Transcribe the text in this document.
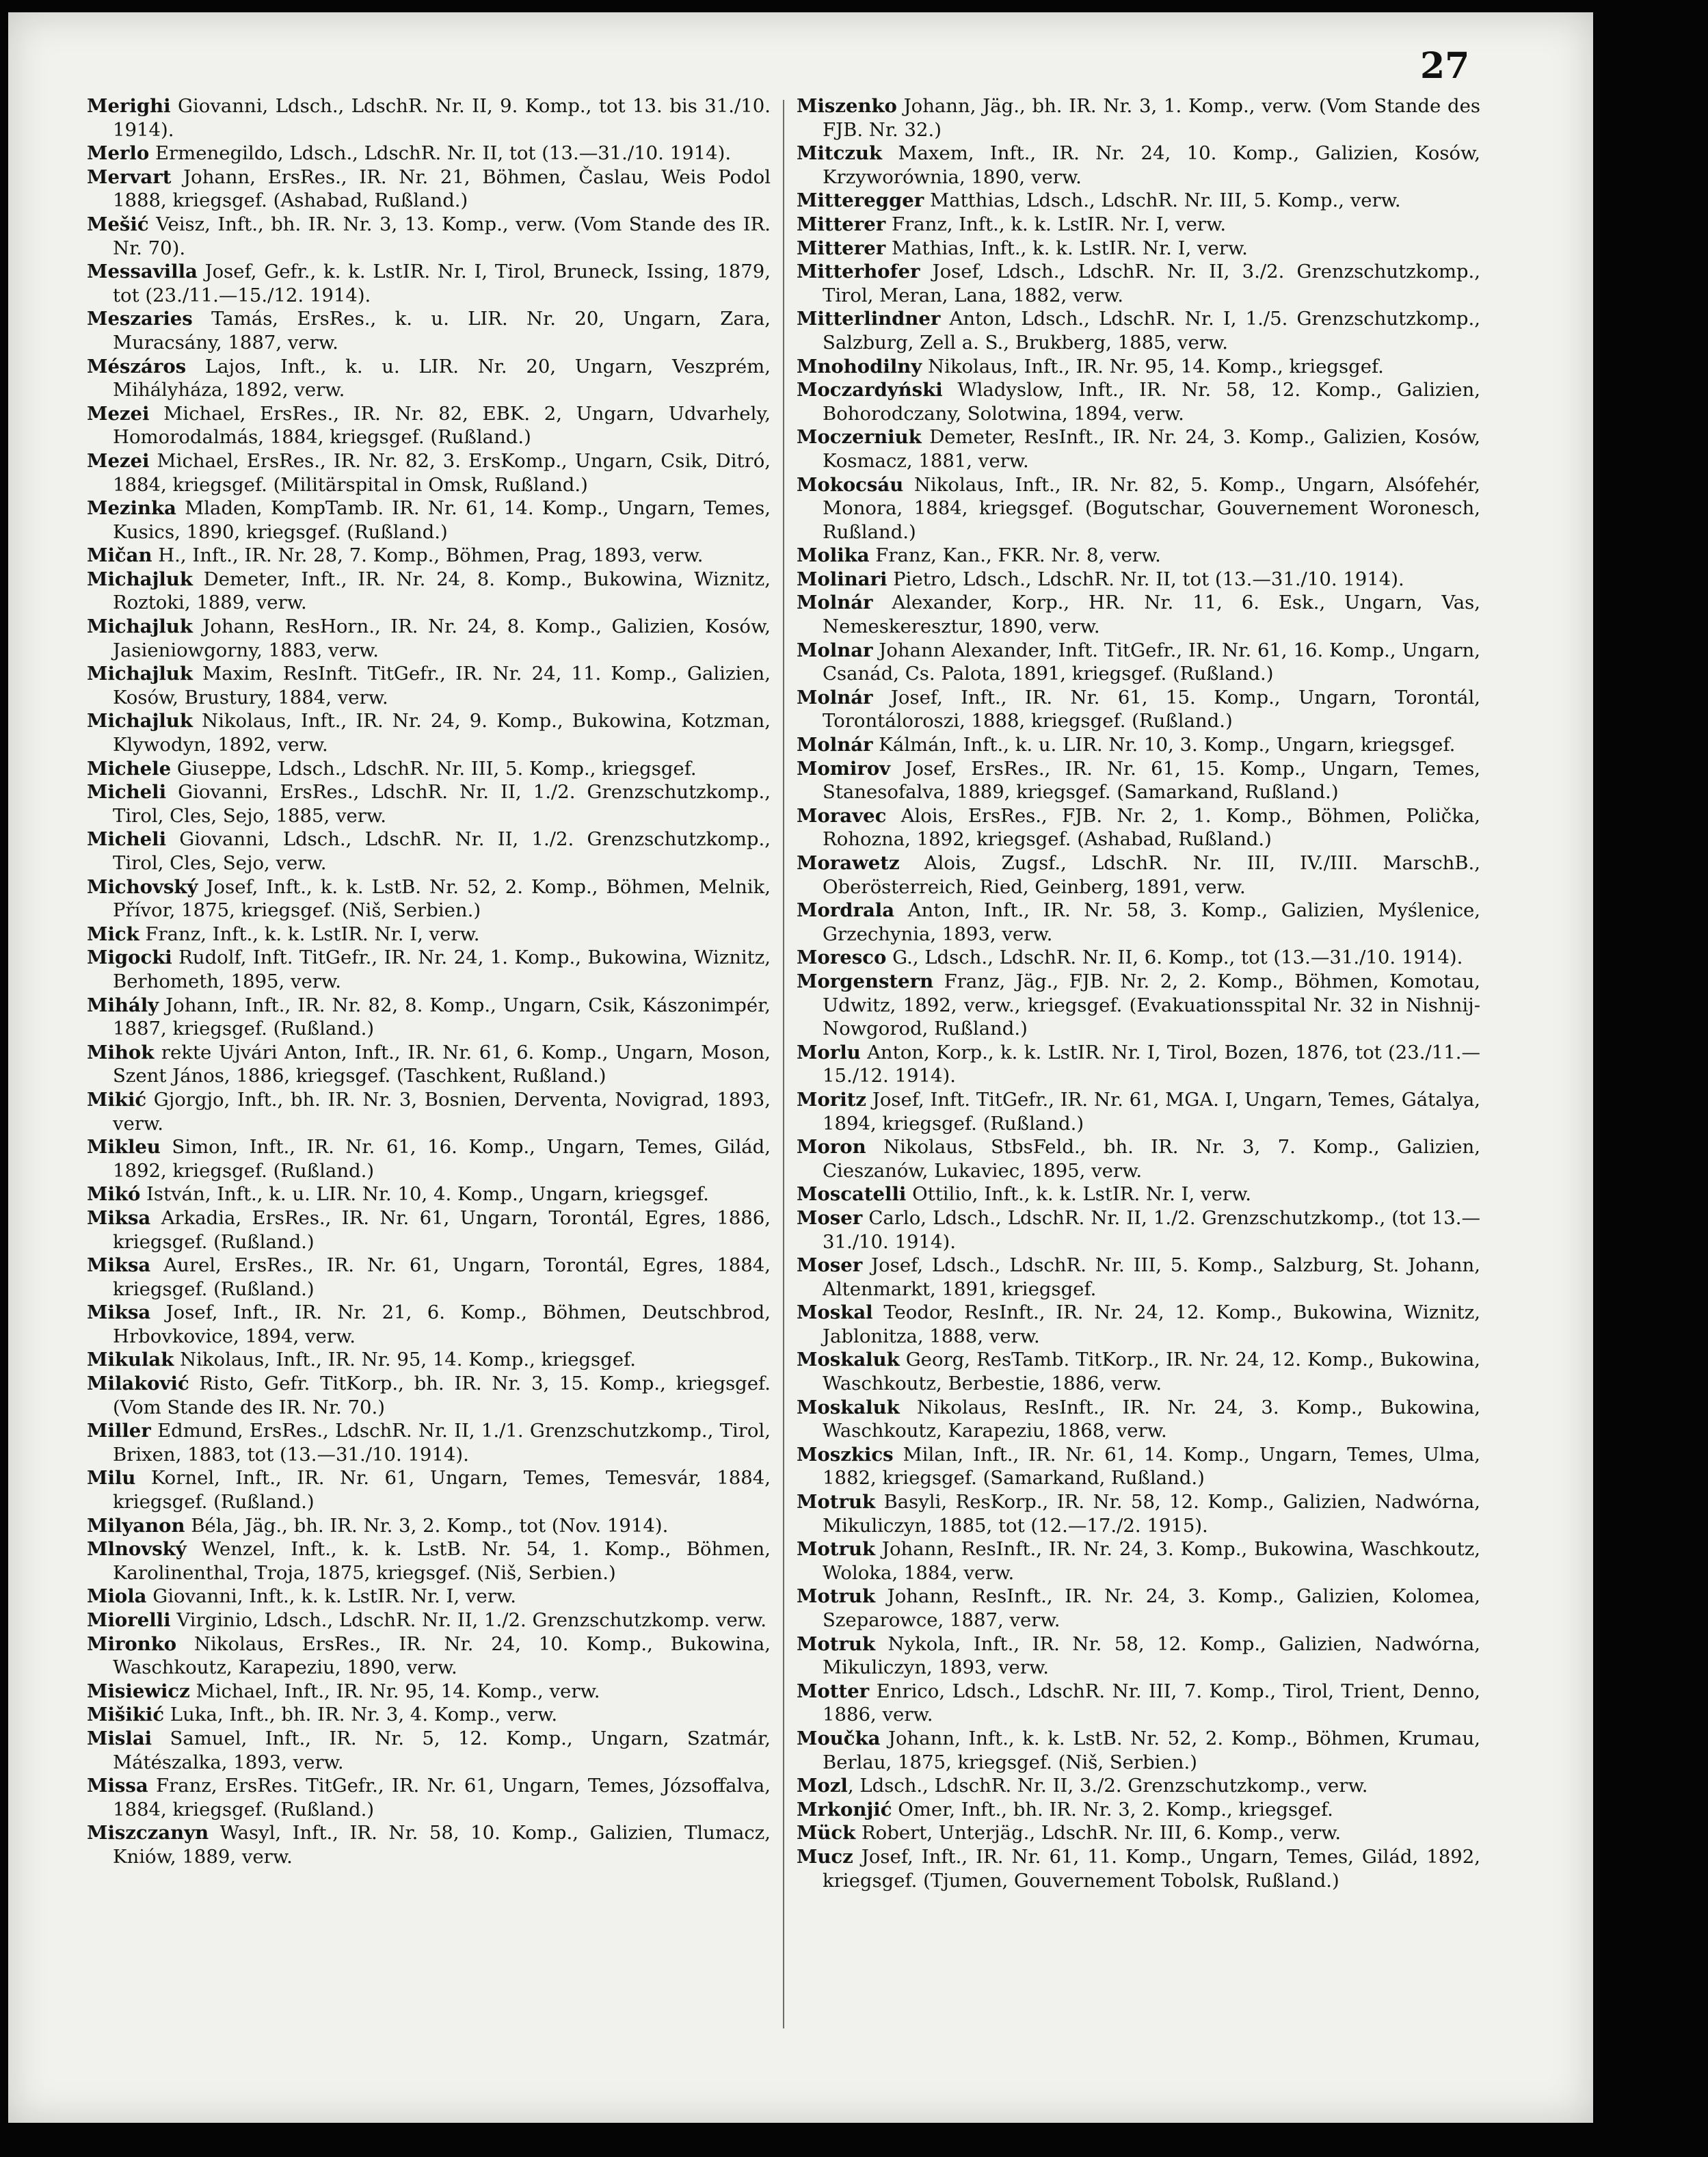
27
Merighi Giovanni, Ldsch., LdschR. Nr. II, 9. Komp., tot 13. bis 31./10. 1914).
Merlo Ermenegildo, Ldsch., LdschR. Nr. II, tot (13.—31./10. 1914).
Mervart Johann, ErsRes., IR. Nr. 21, Böhmen, Časlau, Weis Podol 1888, kriegsgef. (Ashabad, Rußland.)
Mešić Veisz, Inft., bh. IR. Nr. 3, 13. Komp., verw. (Vom Stande des IR. Nr. 70).
Messavilla Josef, Gefr., k. k. LstIR. Nr. I, Tirol, Bruneck, Issing, 1879, tot (23./11.—15./12. 1914).
Meszaries Tamás, ErsRes., k. u. LIR. Nr. 20, Ungarn, Zara, Muracsány, 1887, verw.
Mészáros Lajos, Inft., k. u. LIR. Nr. 20, Ungarn, Veszprém, Mihályháza, 1892, verw.
Mezei Michael, ErsRes., IR. Nr. 82, EBK. 2, Ungarn, Udvarhely, Homorodalmás, 1884, kriegsgef. (Rußland.)
Mezei Michael, ErsRes., IR. Nr. 82, 3. ErsKomp., Ungarn, Csik, Ditró, 1884, kriegsgef. (Militärspital in Omsk, Rußland.)
Mezinka Mladen, KompTamb. IR. Nr. 61, 14. Komp., Ungarn, Temes, Kusics, 1890, kriegsgef. (Rußland.)
Mičan H., Inft., IR. Nr. 28, 7. Komp., Böhmen, Prag, 1893, verw.
Michajluk Demeter, Inft., IR. Nr. 24, 8. Komp., Bukowina, Wiznitz, Roztoki, 1889, verw.
Michajluk Johann, ResHorn., IR. Nr. 24, 8. Komp., Galizien, Kosów, Jasieniowgorny, 1883, verw.
Michajluk Maxim, ResInft. TitGefr., IR. Nr. 24, 11. Komp., Galizien, Kosów, Brustury, 1884, verw.
Michajluk Nikolaus, Inft., IR. Nr. 24, 9. Komp., Bukowina, Kotzman, Klywodyn, 1892, verw.
Michele Giuseppe, Ldsch., LdschR. Nr. III, 5. Komp., kriegsgef.
Micheli Giovanni, ErsRes., LdschR. Nr. II, 1./2. Grenzschutzkomp., Tirol, Cles, Sejo, 1885, verw.
Micheli Giovanni, Ldsch., LdschR. Nr. II, 1./2. Grenzschutzkomp., Tirol, Cles, Sejo, verw.
Michovský Josef, Inft., k. k. LstB. Nr. 52, 2. Komp., Böhmen, Melnik, Přívor, 1875, kriegsgef. (Niš, Serbien.)
Mick Franz, Inft., k. k. LstIR. Nr. I, verw.
Migocki Rudolf, Inft. TitGefr., IR. Nr. 24, 1. Komp., Bukowina, Wiznitz, Berhometh, 1895, verw.
Mihály Johann, Inft., IR. Nr. 82, 8. Komp., Ungarn, Csik, Kászonimpér, 1887, kriegsgef. (Rußland.)
Mihok rekte Ujvári Anton, Inft., IR. Nr. 61, 6. Komp., Ungarn, Moson, Szent János, 1886, kriegsgef. (Taschkent, Rußland.)
Mikić Gjorgjo, Inft., bh. IR. Nr. 3, Bosnien, Derventa, Novigrad, 1893, verw.
Mikleu Simon, Inft., IR. Nr. 61, 16. Komp., Ungarn, Temes, Gilád, 1892, kriegsgef. (Rußland.)
Mikó István, Inft., k. u. LIR. Nr. 10, 4. Komp., Ungarn, kriegsgef.
Miksa Arkadia, ErsRes., IR. Nr. 61, Ungarn, Torontál, Egres, 1886, kriegsgef. (Rußland.)
Miksa Aurel, ErsRes., IR. Nr. 61, Ungarn, Torontál, Egres, 1884, kriegsgef. (Rußland.)
Miksa Josef, Inft., IR. Nr. 21, 6. Komp., Böhmen, Deutschbrod, Hrbovkovice, 1894, verw.
Mikulak Nikolaus, Inft., IR. Nr. 95, 14. Komp., kriegsgef.
Milaković Risto, Gefr. TitKorp., bh. IR. Nr. 3, 15. Komp., kriegsgef. (Vom Stande des IR. Nr. 70.)
Miller Edmund, ErsRes., LdschR. Nr. II, 1./1. Grenzschutzkomp., Tirol, Brixen, 1883, tot (13.—31./10. 1914).
Milu Kornel, Inft., IR. Nr. 61, Ungarn, Temes, Temesvár, 1884, kriegsgef. (Rußland.)
Milyanon Béla, Jäg., bh. IR. Nr. 3, 2. Komp., tot (Nov. 1914).
Mlnovský Wenzel, Inft., k. k. LstB. Nr. 54, 1. Komp., Böhmen, Karolinenthal, Troja, 1875, kriegsgef. (Niš, Serbien.)
Miola Giovanni, Inft., k. k. LstIR. Nr. I, verw.
Miorelli Virginio, Ldsch., LdschR. Nr. II, 1./2. Grenzschutzkomp. verw.
Mironko Nikolaus, ErsRes., IR. Nr. 24, 10. Komp., Bukowina, Waschkoutz, Karapeziu, 1890, verw.
Misiewicz Michael, Inft., IR. Nr. 95, 14. Komp., verw.
Mišikić Luka, Inft., bh. IR. Nr. 3, 4. Komp., verw.
Mislai Samuel, Inft., IR. Nr. 5, 12. Komp., Ungarn, Szatmár, Mátészalka, 1893, verw.
Missa Franz, ErsRes. TitGefr., IR. Nr. 61, Ungarn, Temes, Józsoffalva, 1884, kriegsgef. (Rußland.)
Miszczanyn Wasyl, Inft., IR. Nr. 58, 10. Komp., Galizien, Tlumacz, Kniów, 1889, verw.
Miszenko Johann, Jäg., bh. IR. Nr. 3, 1. Komp., verw. (Vom Stande des FJB. Nr. 32.)
Mitczuk Maxem, Inft., IR. Nr. 24, 10. Komp., Galizien, Kosów, Krzyworównia, 1890, verw.
Mitteregger Matthias, Ldsch., LdschR. Nr. III, 5. Komp., verw.
Mitterer Franz, Inft., k. k. LstIR. Nr. I, verw.
Mitterer Mathias, Inft., k. k. LstIR. Nr. I, verw.
Mitterhofer Josef, Ldsch., LdschR. Nr. II, 3./2. Grenzschutzkomp., Tirol, Meran, Lana, 1882, verw.
Mitterlindner Anton, Ldsch., LdschR. Nr. I, 1./5. Grenzschutzkomp., Salzburg, Zell a. S., Brukberg, 1885, verw.
Mnohodilny Nikolaus, Inft., IR. Nr. 95, 14. Komp., kriegsgef.
Moczardyński Wladyslow, Inft., IR. Nr. 58, 12. Komp., Galizien, Bohorodczany, Solotwina, 1894, verw.
Moczerniuk Demeter, ResInft., IR. Nr. 24, 3. Komp., Galizien, Kosów, Kosmacz, 1881, verw.
Mokocsáu Nikolaus, Inft., IR. Nr. 82, 5. Komp., Ungarn, Alsófehér, Monora, 1884, kriegsgef. (Bogutschar, Gouvernement Woronesch, Rußland.)
Molika Franz, Kan., FKR. Nr. 8, verw.
Molinari Pietro, Ldsch., LdschR. Nr. II, tot (13.—31./10. 1914).
Molnár Alexander, Korp., HR. Nr. 11, 6. Esk., Ungarn, Vas, Nemeskeresztur, 1890, verw.
Molnar Johann Alexander, Inft. TitGefr., IR. Nr. 61, 16. Komp., Ungarn, Csanád, Cs. Palota, 1891, kriegsgef. (Rußland.)
Molnár Josef, Inft., IR. Nr. 61, 15. Komp., Ungarn, Torontál, Torontáloroszi, 1888, kriegsgef. (Rußland.)
Molnár Kálmán, Inft., k. u. LIR. Nr. 10, 3. Komp., Ungarn, kriegsgef.
Momirov Josef, ErsRes., IR. Nr. 61, 15. Komp., Ungarn, Temes, Stanesofalva, 1889, kriegsgef. (Samarkand, Rußland.)
Moravec Alois, ErsRes., FJB. Nr. 2, 1. Komp., Böhmen, Polička, Rohozna, 1892, kriegsgef. (Ashabad, Rußland.)
Morawetz Alois, Zugsf., LdschR. Nr. III, IV./III. MarschB., Oberösterreich, Ried, Geinberg, 1891, verw.
Mordrala Anton, Inft., IR. Nr. 58, 3. Komp., Galizien, Myślenice, Grzechynia, 1893, verw.
Moresco G., Ldsch., LdschR. Nr. II, 6. Komp., tot (13.—31./10. 1914).
Morgenstern Franz, Jäg., FJB. Nr. 2, 2. Komp., Böhmen, Komotau, Udwitz, 1892, verw., kriegsgef. (Evakuationsspital Nr. 32 in Nishnij-Nowgorod, Rußland.)
Morlu Anton, Korp., k. k. LstIR. Nr. I, Tirol, Bozen, 1876, tot (23./11.—15./12. 1914).
Moritz Josef, Inft. TitGefr., IR. Nr. 61, MGA. I, Ungarn, Temes, Gátalya, 1894, kriegsgef. (Rußland.)
Moron Nikolaus, StbsFeld., bh. IR. Nr. 3, 7. Komp., Galizien, Cieszanów, Lukaviec, 1895, verw.
Moscatelli Ottilio, Inft., k. k. LstIR. Nr. I, verw.
Moser Carlo, Ldsch., LdschR. Nr. II, 1./2. Grenzschutzkomp., (tot 13.—31./10. 1914).
Moser Josef, Ldsch., LdschR. Nr. III, 5. Komp., Salzburg, St. Johann, Altenmarkt, 1891, kriegsgef.
Moskal Teodor, ResInft., IR. Nr. 24, 12. Komp., Bukowina, Wiznitz, Jablonitza, 1888, verw.
Moskaluk Georg, ResTamb. TitKorp., IR. Nr. 24, 12. Komp., Bukowina, Waschkoutz, Berbestie, 1886, verw.
Moskaluk Nikolaus, ResInft., IR. Nr. 24, 3. Komp., Bukowina, Waschkoutz, Karapeziu, 1868, verw.
Moszkics Milan, Inft., IR. Nr. 61, 14. Komp., Ungarn, Temes, Ulma, 1882, kriegsgef. (Samarkand, Rußland.)
Motruk Basyli, ResKorp., IR. Nr. 58, 12. Komp., Galizien, Nadwórna, Mikuliczyn, 1885, tot (12.—17./2. 1915).
Motruk Johann, ResInft., IR. Nr. 24, 3. Komp., Bukowina, Waschkoutz, Woloka, 1884, verw.
Motruk Johann, ResInft., IR. Nr. 24, 3. Komp., Galizien, Kolomea, Szeparowce, 1887, verw.
Motruk Nykola, Inft., IR. Nr. 58, 12. Komp., Galizien, Nadwórna, Mikuliczyn, 1893, verw.
Motter Enrico, Ldsch., LdschR. Nr. III, 7. Komp., Tirol, Trient, Denno, 1886, verw.
Moučka Johann, Inft., k. k. LstB. Nr. 52, 2. Komp., Böhmen, Krumau, Berlau, 1875, kriegsgef. (Niš, Serbien.)
Mozl, Ldsch., LdschR. Nr. II, 3./2. Grenzschutzkomp., verw.
Mrkonjić Omer, Inft., bh. IR. Nr. 3, 2. Komp., kriegsgef.
Mück Robert, Unterjäg., LdschR. Nr. III, 6. Komp., verw.
Mucz Josef, Inft., IR. Nr. 61, 11. Komp., Ungarn, Temes, Gilád, 1892, kriegsgef. (Tjumen, Gouvernement Tobolsk, Rußland.)
